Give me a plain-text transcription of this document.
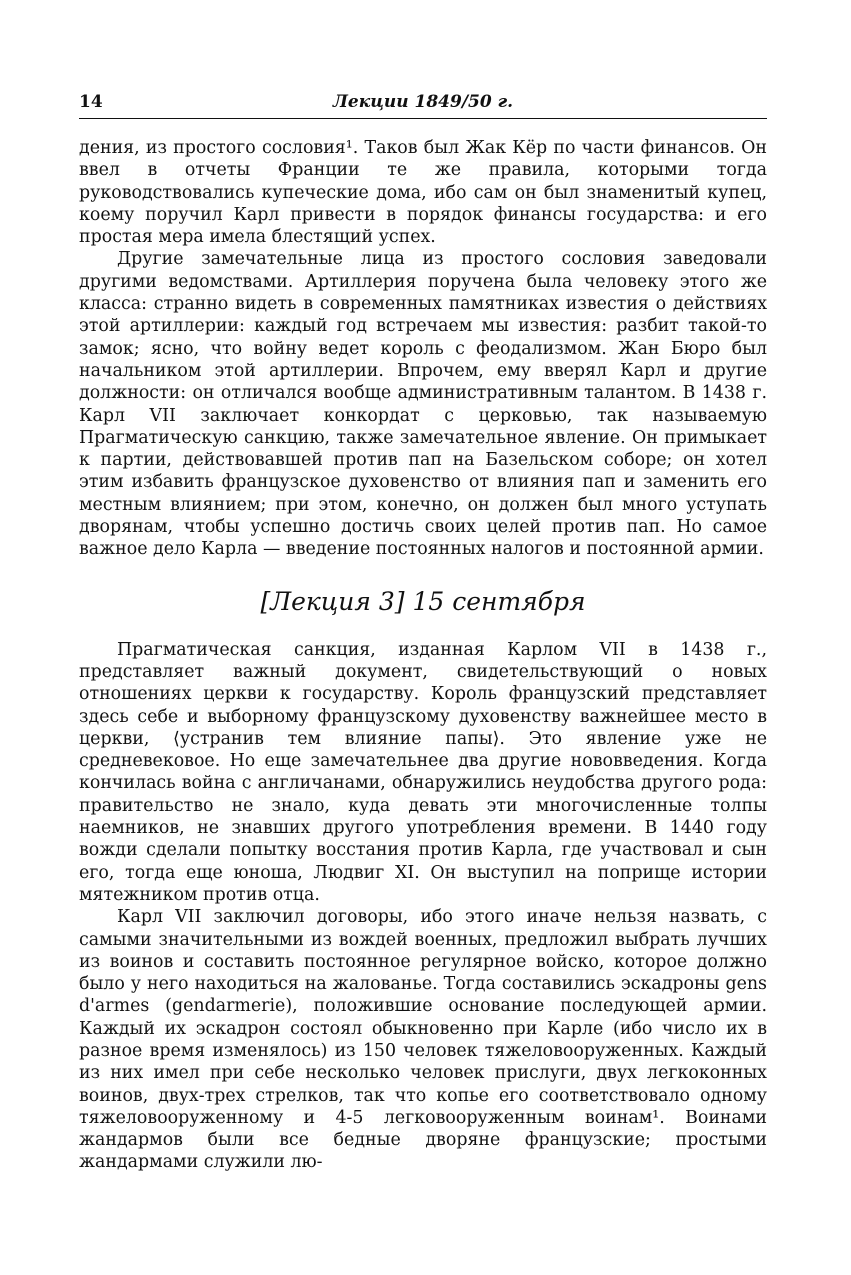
14	Лекции 1849/50 г.

дения, из простого сословия¹. Таков был Жак Кёр по части финансов. Он ввел в отчеты Франции те же правила, которыми тогда руководствовались купеческие дома, ибо сам он был знаменитый купец, коему поручил Карл привести в порядок финансы государства: и его простая мера имела блестящий успех.

Другие замечательные лица из простого сословия заведовали другими ведомствами. Артиллерия поручена была человеку этого же класса: странно видеть в современных памятниках известия о действиях этой артиллерии: каждый год встречаем мы известия: разбит такой-то замок; ясно, что войну ведет король с феодализмом. Жан Бюро был начальником этой артиллерии. Впрочем, ему вверял Карл и другие должности: он отличался вообще административным талантом. В 1438 г. Карл VII заключает конкордат с церковью, так называемую Прагматическую санкцию, также замечательное явление. Он примыкает к партии, действовавшей против пап на Базельском соборе; он хотел этим избавить французское духовенство от влияния пап и заменить его местным влиянием; при этом, конечно, он должен был много уступать дворянам, чтобы успешно достичь своих целей против пап. Но самое важное дело Карла — введение постоянных налогов и постоянной армии.

[Лекция 3] 15 сентября

Прагматическая санкция, изданная Карлом VII в 1438 г., представляет важный документ, свидетельствующий о новых отношениях церкви к государству. Король французский представляет здесь себе и выборному французскому духовенству важнейшее место в церкви, ⟨устранив тем влияние папы⟩. Это явление уже не средневековое. Но еще замечательнее два другие нововведения. Когда кончилась война с англичанами, обнаружились неудобства другого рода: правительство не знало, куда девать эти многочисленные толпы наемников, не знавших другого употребления времени. В 1440 году вожди сделали попытку восстания против Карла, где участвовал и сын его, тогда еще юноша, Людвиг XI. Он выступил на поприще истории мятежником против отца.

Карл VII заключил договоры, ибо этого иначе нельзя назвать, с самыми значительными из вождей военных, предложил выбрать лучших из воинов и составить постоянное регулярное войско, которое должно было у него находиться на жалованье. Тогда составились эскадроны gens d'armes (gendarmerie), положившие основание последующей армии. Каждый их эскадрон состоял обыкновенно при Карле (ибо число их в разное время изменялось) из 150 человек тяжеловооруженных. Каждый из них имел при себе несколько человек прислуги, двух легкоконных воинов, двух-трех стрелков, так что копье его соответствовало одному тяжеловооруженному и 4-5 легковооруженным воинам¹. Воинами жандармов были все бедные дворяне французские; простыми жандармами служили лю-
